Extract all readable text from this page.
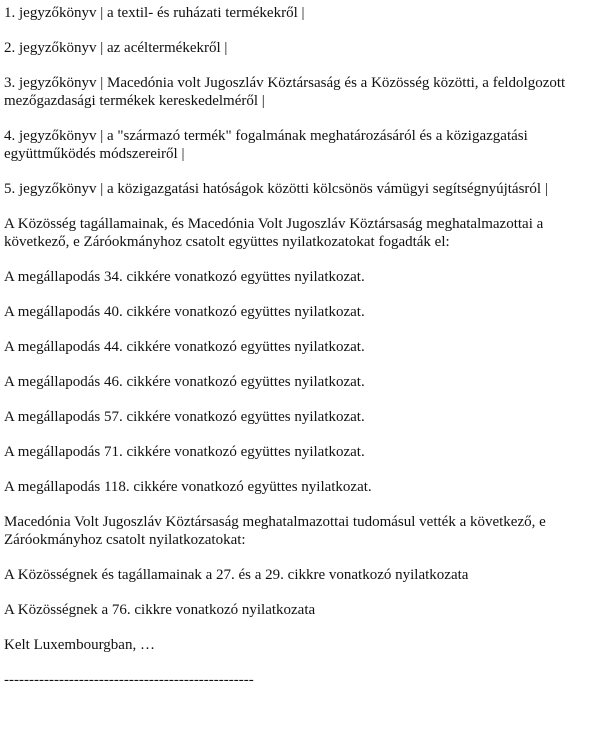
1. jegyzőkönyv | a textil- és ruházati termékekről |

2. jegyzőkönyv | az acéltermékekről |

3. jegyzőkönyv | Macedónia volt Jugoszláv Köztársaság és a Közösség közötti, a feldolgozott mezőgazdasági termékek kereskedelméről |

4. jegyzőkönyv | a "származó termék" fogalmának meghatározásáról és a közigazgatási együttműködés módszereiről |

5. jegyzőkönyv | a közigazgatási hatóságok közötti kölcsönös vámügyi segítségnyújtásról |

A Közösség tagállamainak, és Macedónia Volt Jugoszláv Köztársaság meghatalmazottai a következő, e Záróokmányhoz csatolt együttes nyilatkozatokat fogadták el:

A megállapodás 34. cikkére vonatkozó együttes nyilatkozat.

A megállapodás 40. cikkére vonatkozó együttes nyilatkozat.

A megállapodás 44. cikkére vonatkozó együttes nyilatkozat.

A megállapodás 46. cikkére vonatkozó együttes nyilatkozat.

A megállapodás 57. cikkére vonatkozó együttes nyilatkozat.

A megállapodás 71. cikkére vonatkozó együttes nyilatkozat.

A megállapodás 118. cikkére vonatkozó együttes nyilatkozat.

Macedónia Volt Jugoszláv Köztársaság meghatalmazottai tudomásul vették a következő, e Záróokmányhoz csatolt nyilatkozatokat:

A Közösségnek és tagállamainak a 27. és a 29. cikkre vonatkozó nyilatkozata

A Közösségnek a 76. cikkre vonatkozó nyilatkozata

Kelt Luxembourgban, …

--------------------------------------------------
